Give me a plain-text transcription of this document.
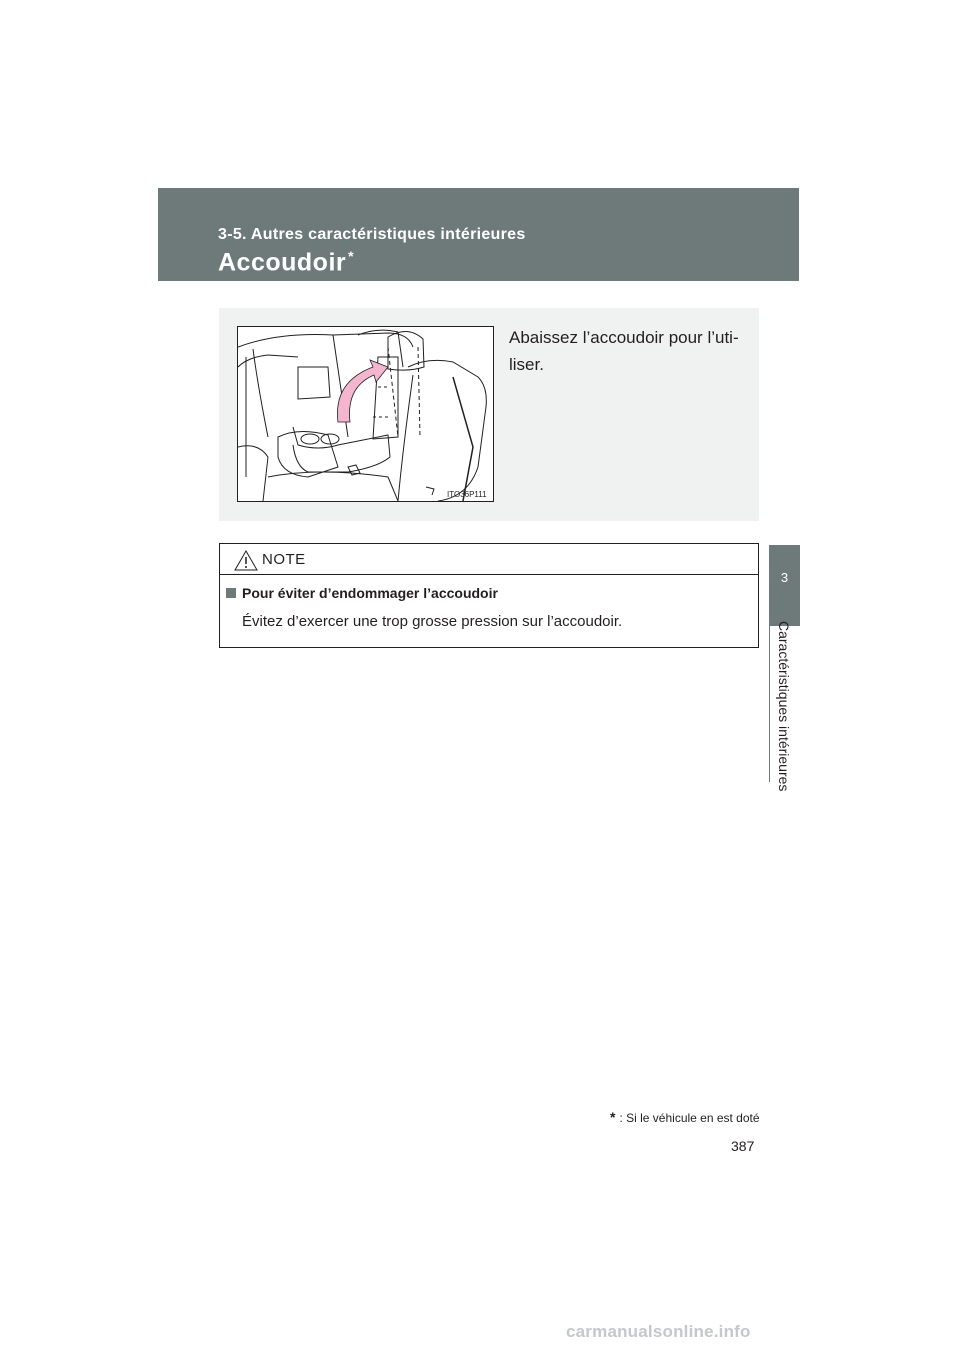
3-5. Autres caractéristiques intérieures
Accoudoir *
3
Caractéristiques intérieures
ITO36P111
Abaissez l’accoudoir pour l’uti-liser.
NOTE
Pour éviter d’endommager l’accoudoir
Évitez d’exercer une trop grosse pression sur l’accoudoir.
* : Si le véhicule en est doté
387
carmanualsonline.info
